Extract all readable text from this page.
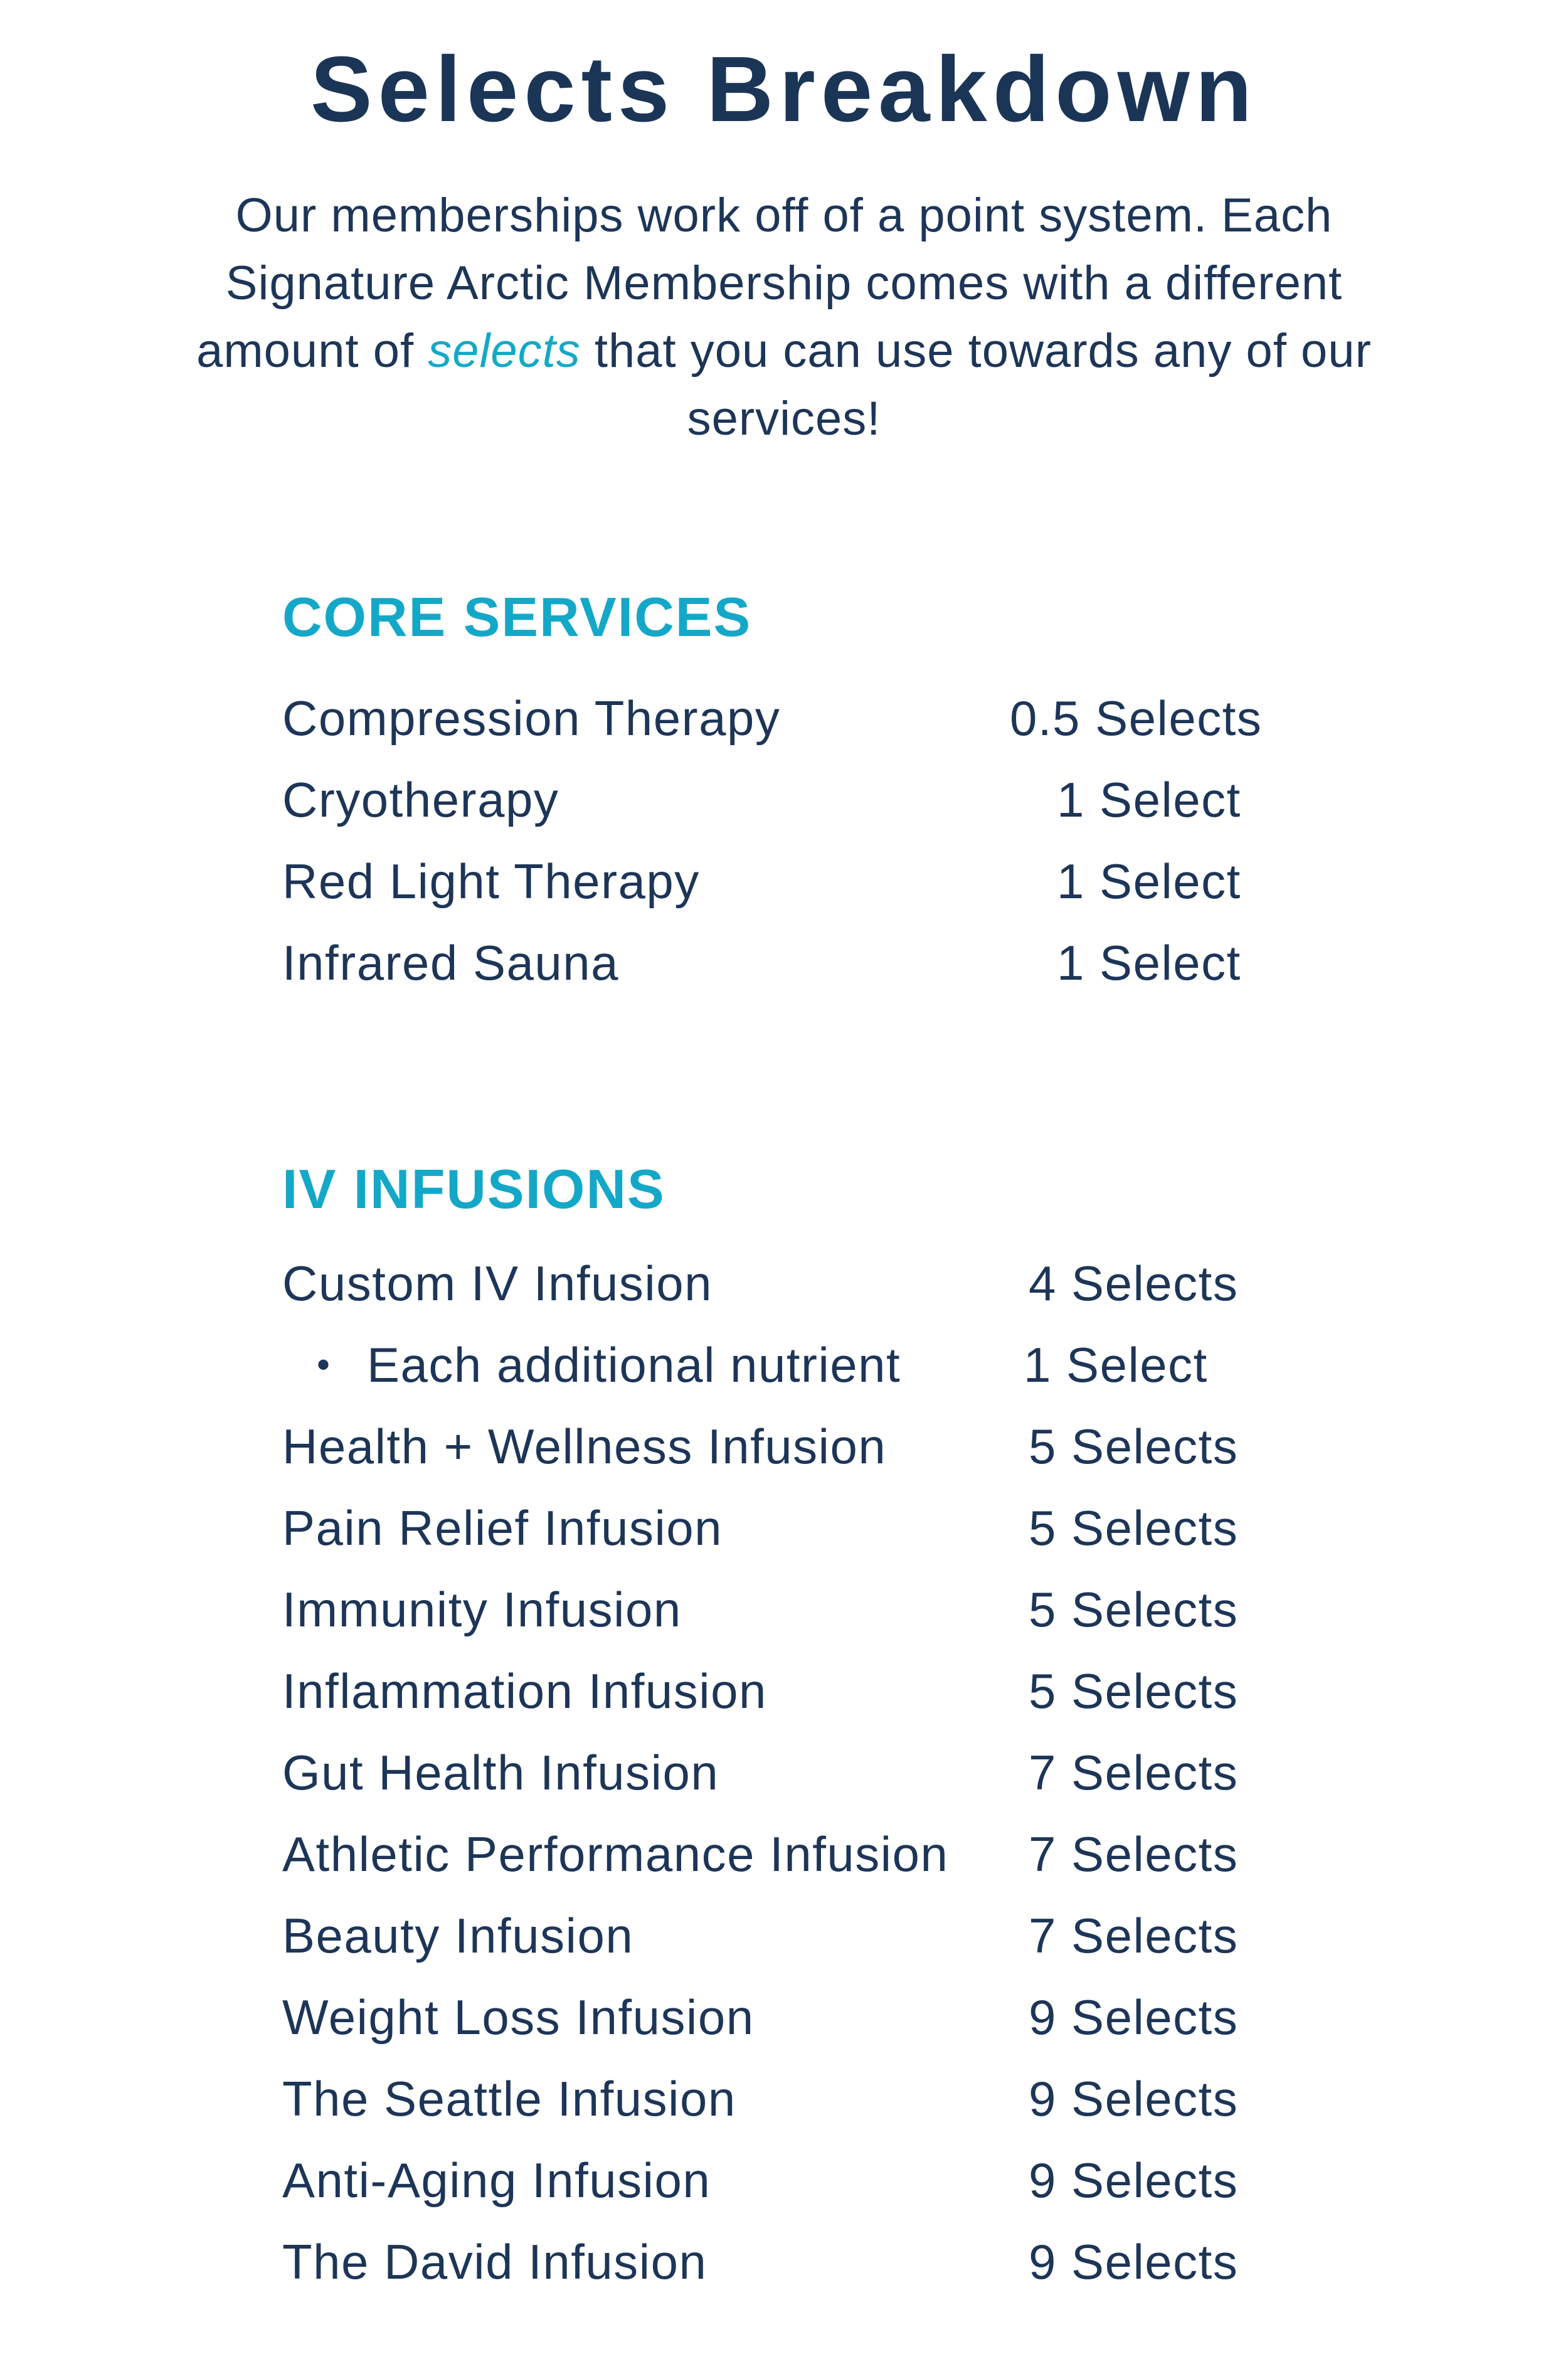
Selects Breakdown

Our memberships work off of a point system. Each Signature Arctic Membership comes with a different amount of selects that you can use towards any of our services!

CORE SERVICES
Compression Therapy	0.5 Selects
Cryotherapy	1 Select
Red Light Therapy	1 Select
Infrared Sauna	1 Select
IV INFUSIONS
Custom IV Infusion	4 Selects
• Each additional nutrient	1 Select
Health + Wellness Infusion	5 Selects
Pain Relief Infusion	5 Selects
Immunity Infusion	5 Selects
Inflammation Infusion	5 Selects
Gut Health Infusion	7 Selects
Athletic Performance Infusion 7 Selects
Beauty Infusion	7 Selects
Weight Loss Infusion	9 Selects
The Seattle Infusion	9 Selects
Anti-Aging Infusion	9 Selects
The David Infusion	9 Selects
